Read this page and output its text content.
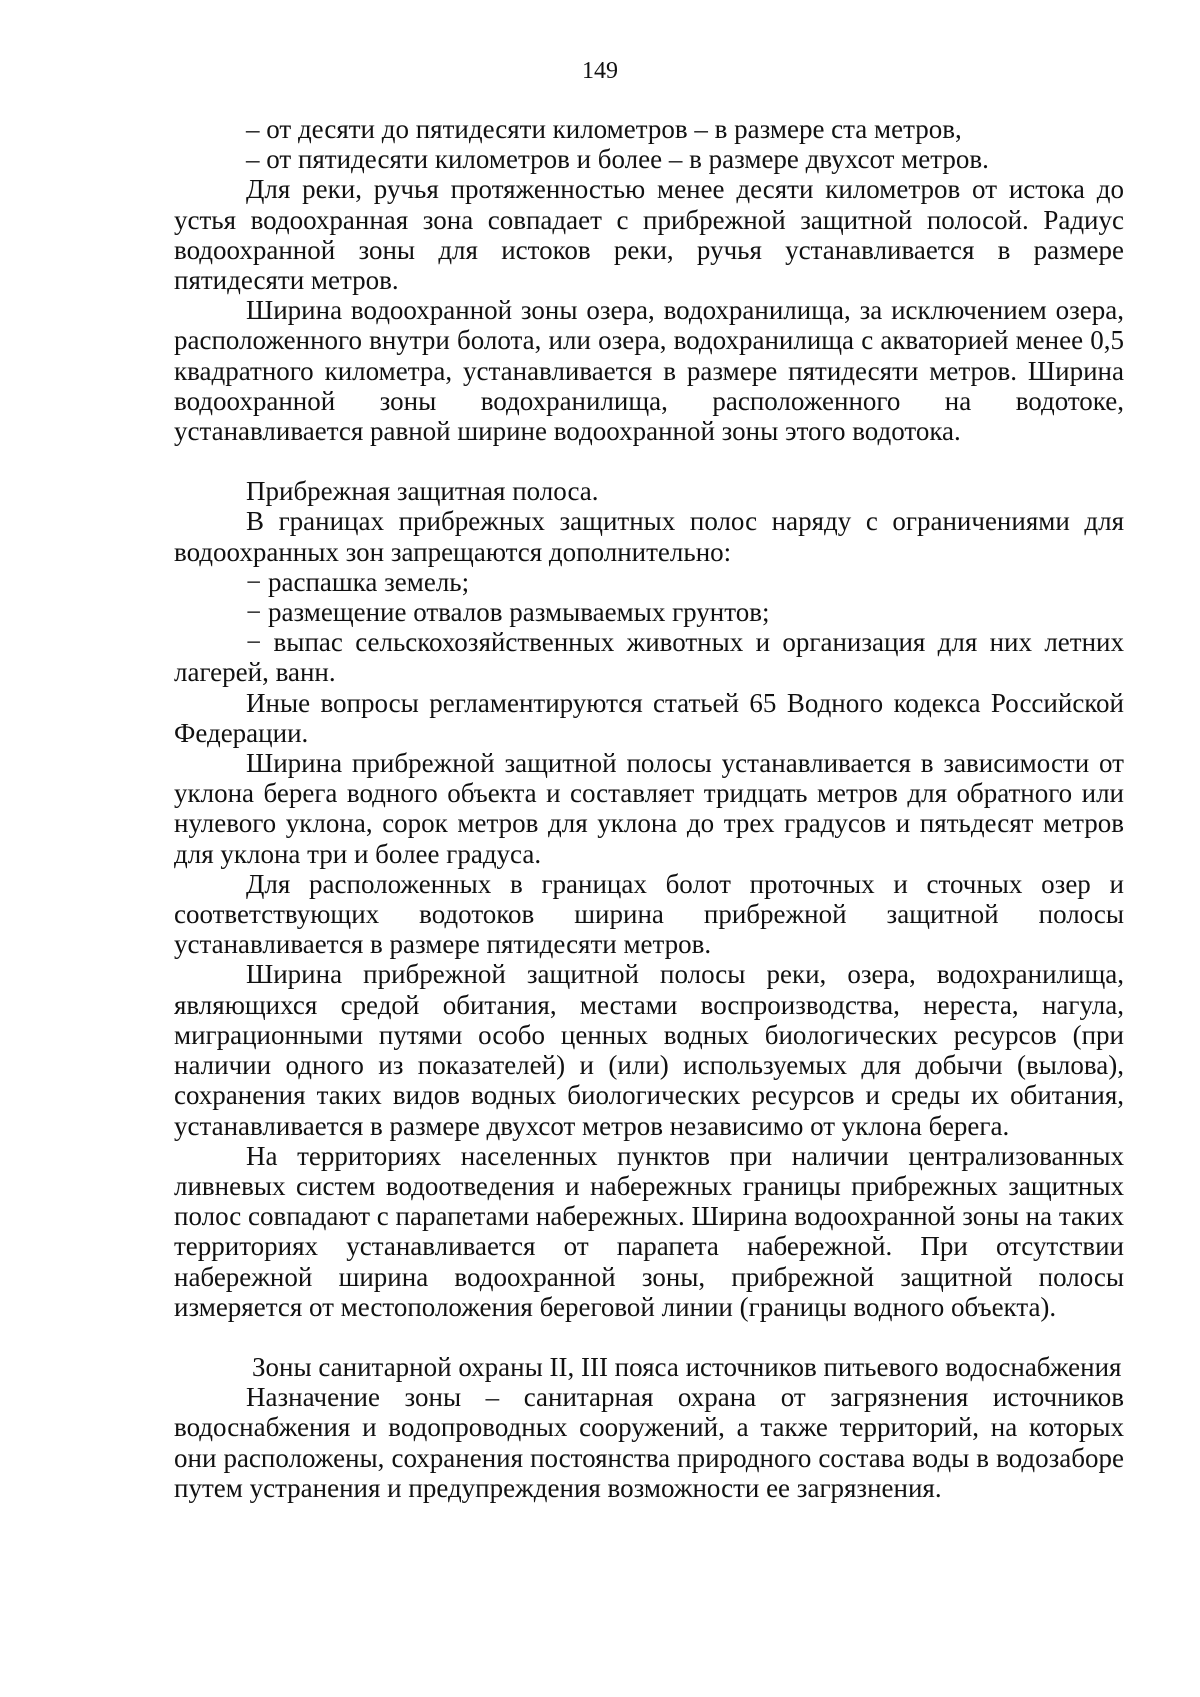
149

– от десяти до пятидесяти километров – в размере ста метров,

– от пятидесяти километров и более – в размере двухсот метров.

Для реки, ручья протяженностью менее десяти километров от истока до устья водоохранная зона совпадает с прибрежной защитной полосой. Радиус водоохранной зоны для истоков реки, ручья устанавливается в размере пятидесяти метров.

Ширина водоохранной зоны озера, водохранилища, за исключением озера, расположенного внутри болота, или озера, водохранилища с акваторией менее 0,5 квадратного километра, устанавливается в размере пятидесяти метров. Ширина водоохранной зоны водохранилища, расположенного на водотоке, устанавливается равной ширине водоохранной зоны этого водотока.

Прибрежная защитная полоса.

В границах прибрежных защитных полос наряду с ограничениями для водоохранных зон запрещаются дополнительно:

− распашка земель;

− размещение отвалов размываемых грунтов;

− выпас сельскохозяйственных животных и организация для них летних лагерей, ванн.

Иные вопросы регламентируются статьей 65 Водного кодекса Российской Федерации.

Ширина прибрежной защитной полосы устанавливается в зависимости от уклона берега водного объекта и составляет тридцать метров для обратного или нулевого уклона, сорок метров для уклона до трех градусов и пятьдесят метров для уклона три и более градуса.

Для расположенных в границах болот проточных и сточных озер и соответствующих водотоков ширина прибрежной защитной полосы устанавливается в размере пятидесяти метров.

Ширина прибрежной защитной полосы реки, озера, водохранилища, являющихся средой обитания, местами воспроизводства, нереста, нагула, миграционными путями особо ценных водных биологических ресурсов (при наличии одного из показателей) и (или) используемых для добычи (вылова), сохранения таких видов водных биологических ресурсов и среды их обитания, устанавливается в размере двухсот метров независимо от уклона берега.

На территориях населенных пунктов при наличии централизованных ливневых систем водоотведения и набережных границы прибрежных защитных полос совпадают с парапетами набережных. Ширина водоохранной зоны на таких территориях устанавливается от парапета набережной. При отсутствии набережной ширина водоохранной зоны, прибрежной защитной полосы измеряется от местоположения береговой линии (границы водного объекта).

Зоны санитарной охраны II, III пояса источников питьевого водоснабжения

Назначение зоны – санитарная охрана от загрязнения источников водоснабжения и водопроводных сооружений, а также территорий, на которых они расположены, сохранения постоянства природного состава воды в водозаборе путем устранения и предупреждения возможности ее загрязнения.
